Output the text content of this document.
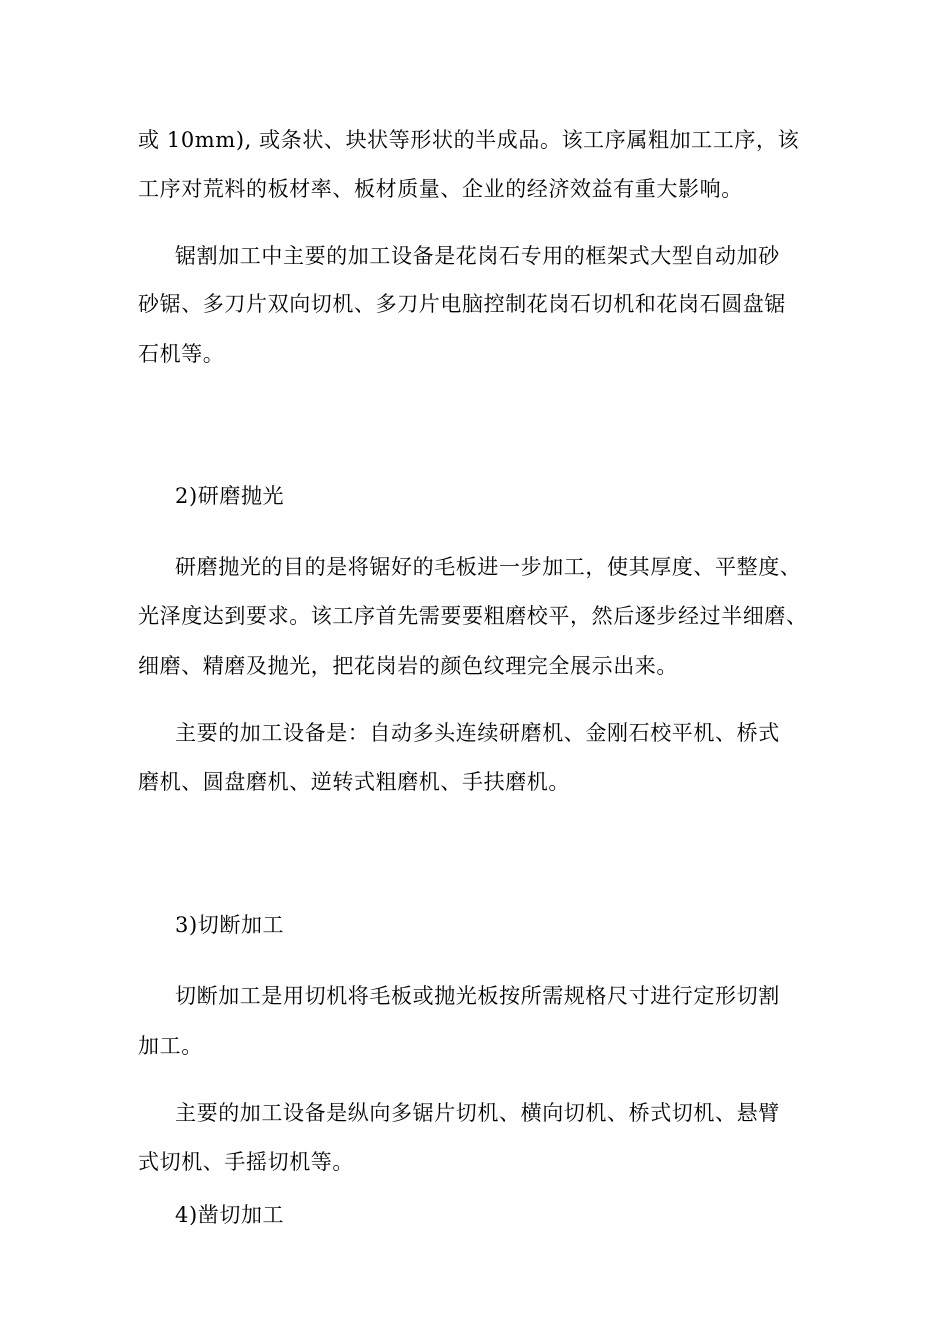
或 10mm), 或条状、块状等形状的半成品。该工序属粗加工工序，该
工序对荒料的板材率、板材质量、企业的经济效益有重大影响。
锯割加工中主要的加工设备是花岗石专用的框架式大型自动加砂
砂锯、多刀片双向切机、多刀片电脑控制花岗石切机和花岗石圆盘锯
石机等。
2)研磨抛光
研磨抛光的目的是将锯好的毛板进一步加工，使其厚度、平整度、
光泽度达到要求。该工序首先需要要粗磨校平，然后逐步经过半细磨、
细磨、精磨及抛光，把花岗岩的颜色纹理完全展示出来。
主要的加工设备是：自动多头连续研磨机、金刚石校平机、桥式
磨机、圆盘磨机、逆转式粗磨机、手扶磨机。
3)切断加工
切断加工是用切机将毛板或抛光板按所需规格尺寸进行定形切割
加工。
主要的加工设备是纵向多锯片切机、横向切机、桥式切机、悬臂
式切机、手摇切机等。
4)凿切加工
